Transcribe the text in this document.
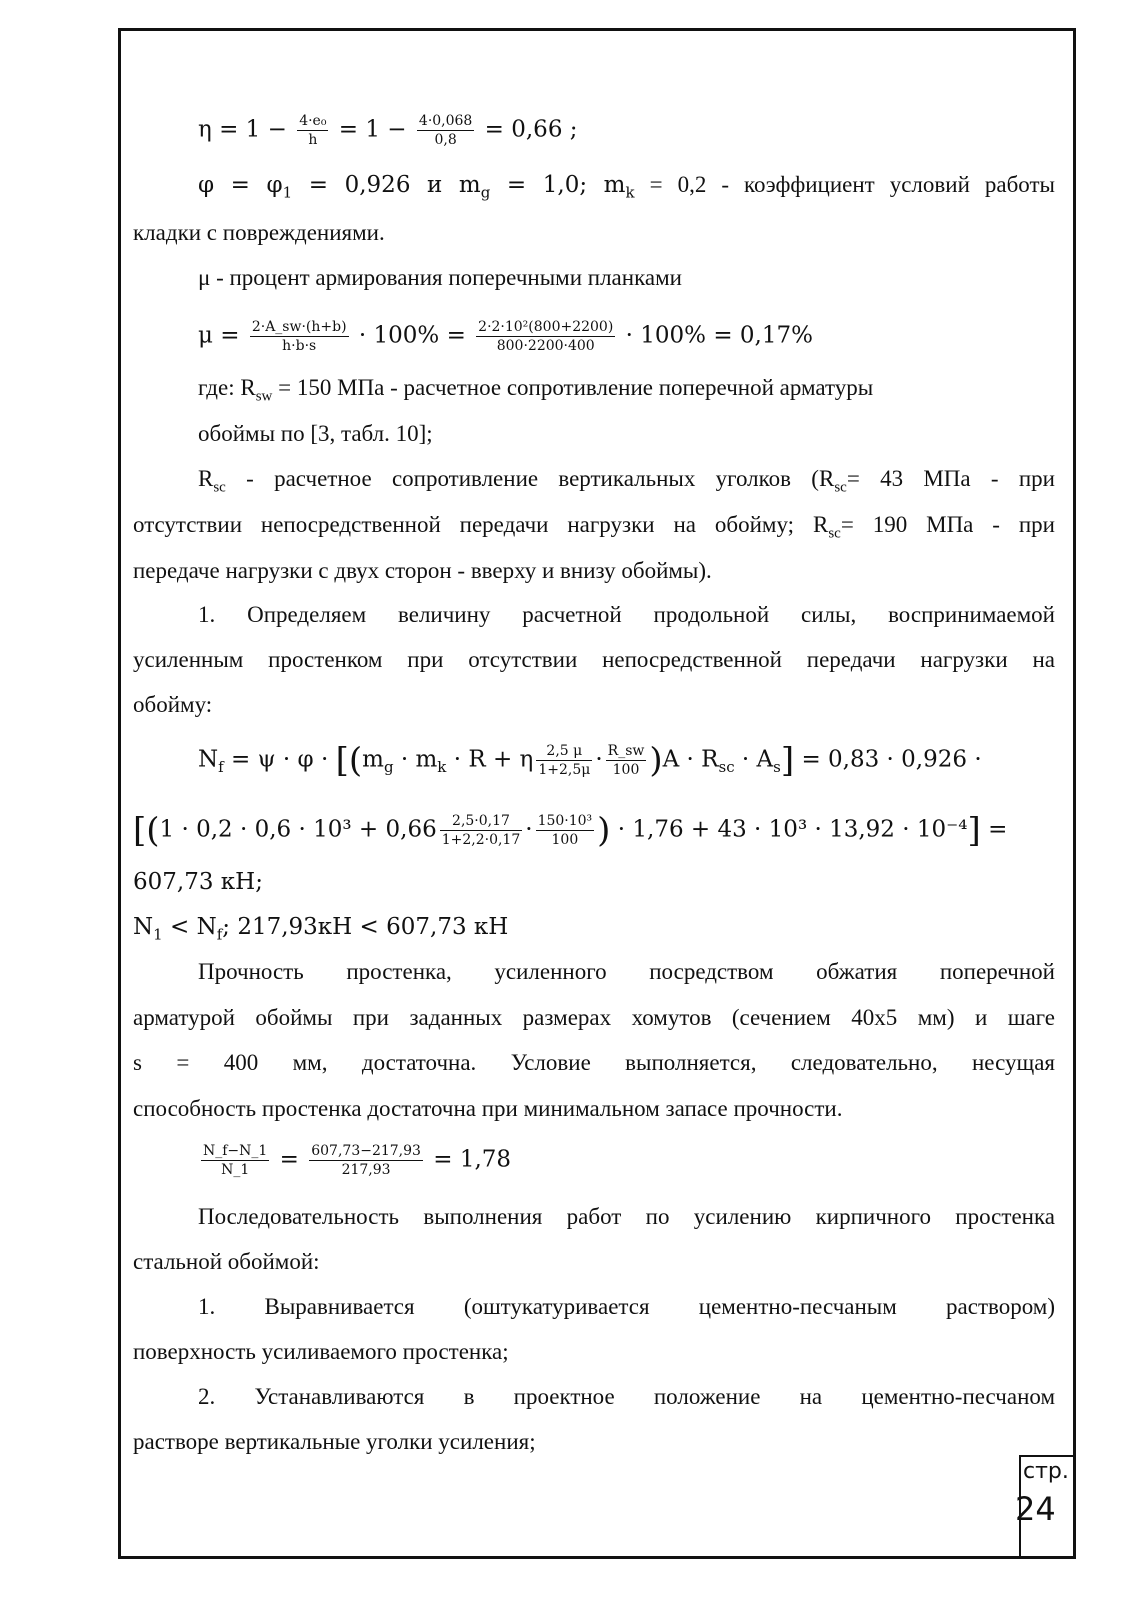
$\eta = 1 - \frac{\text{4·e₀}}{h} = 1 - \frac{4\cdot 0,068}{0,8} = 0,66$ ;
$\varphi = \varphi_1 = 0,926$ и $m_g = 1,0$; $m_k = 0,2$ - коэффициент условий работы
кладки с повреждениями.
μ - процент армирования поперечными планками
$\mu = \frac{2\cdot A\_sw\cdot(h+b)}{h\cdot b\cdot s} \cdot 100\% = \frac{\text{2·2·10²(800+2200)}}{800\cdot 2200\cdot 400} \cdot 100\% = 0,17\%$
где: $R_{sw} = 150$ МПа - расчетное сопротивление поперечной арматуры
обоймы по [3, табл. 10];
$R_{sc}$ - расчетное сопротивление вертикальных уголков ($R_{sc}= 43$ МПа - при
отсутствии непосредственной передачи нагрузки на обойму; $R_{sc}= 190$ МПа - при
передаче нагрузки с двух сторон - вверху и внизу обоймы).
1. Определяем величину расчетной продольной силы, воспринимаемой
усиленным простенком при отсутствии непосредственной передачи нагрузки на
обойму:
$N_f = \psi \cdot \varphi \cdot [(m_g \cdot m_k \cdot R + \eta \frac{2,5 \mu}{1+2,5\mu} \cdot \frac{R\_sw}{100} )A \cdot R_{sc} \cdot A_s] = 0,83 \cdot 0,926$ ·
[($1 \cdot 0,2 \cdot 0,6 \cdot 10^3 + 0,66 \frac{2,5\cdot 0,17}{1+2,2\cdot 0,17} \cdot \frac{\text{150·10³}}{100}$ ) · 1,76 + 43 · 10³ · 13,92 · 10⁻⁴] =
607,73 кН;
$N_1 < N_f$; 217,93кН < 607,73 кН
Прочность простенка, усиленного посредством обжатия поперечной
арматурой обоймы при заданных размерах хомутов (сечением 40х5 мм) и шаге
s = 400 мм, достаточна. Условие выполняется, следовательно, несущая
способность простенка достаточна при минимальном запасе прочности.
$\frac{N\_f-N\_1}{N\_1} = \frac{607,73-217,93}{217,93} = 1,78$
Последовательность выполнения работ по усилению кирпичного простенка
стальной обоймой:
1. Выравнивается (оштукатуривается цементно-песчаным раствором)
поверхность усиливаемого простенка;
2. Устанавливаются в проектное положение на цементно-песчаном
растворе вертикальные уголки усиления;
стр.
24
